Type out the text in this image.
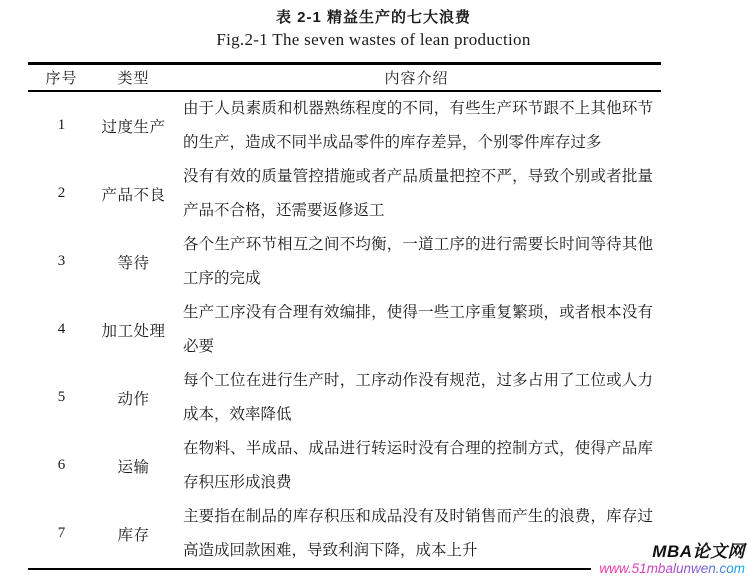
表 2-1 精益生产的七大浪费
Fig.2-1 The seven wastes of lean production
序号	类型	内容介绍
1	过度生产	由于人员素质和机器熟练程度的不同，有些生产环节跟不上其他环节的生产，造成不同半成品零件的库存差异，个别零件库存过多
2	产品不良	没有有效的质量管控措施或者产品质量把控不严，导致个别或者批量产品不合格，还需要返修返工
3	等待	各个生产环节相互之间不均衡，一道工序的进行需要长时间等待其他工序的完成
4	加工处理	生产工序没有合理有效编排，使得一些工序重复繁琐，或者根本没有必要
5	动作	每个工位在进行生产时，工序动作没有规范，过多占用了工位或人力成本，效率降低
6	运输	在物料、半成品、成品进行转运时没有合理的控制方式，使得产品库存积压形成浪费
7	库存	主要指在制品的库存积压和成品没有及时销售而产生的浪费，库存过高造成回款困难，导致利润下降，成本上升	MBA论文网
www.51mbalunwen.com
